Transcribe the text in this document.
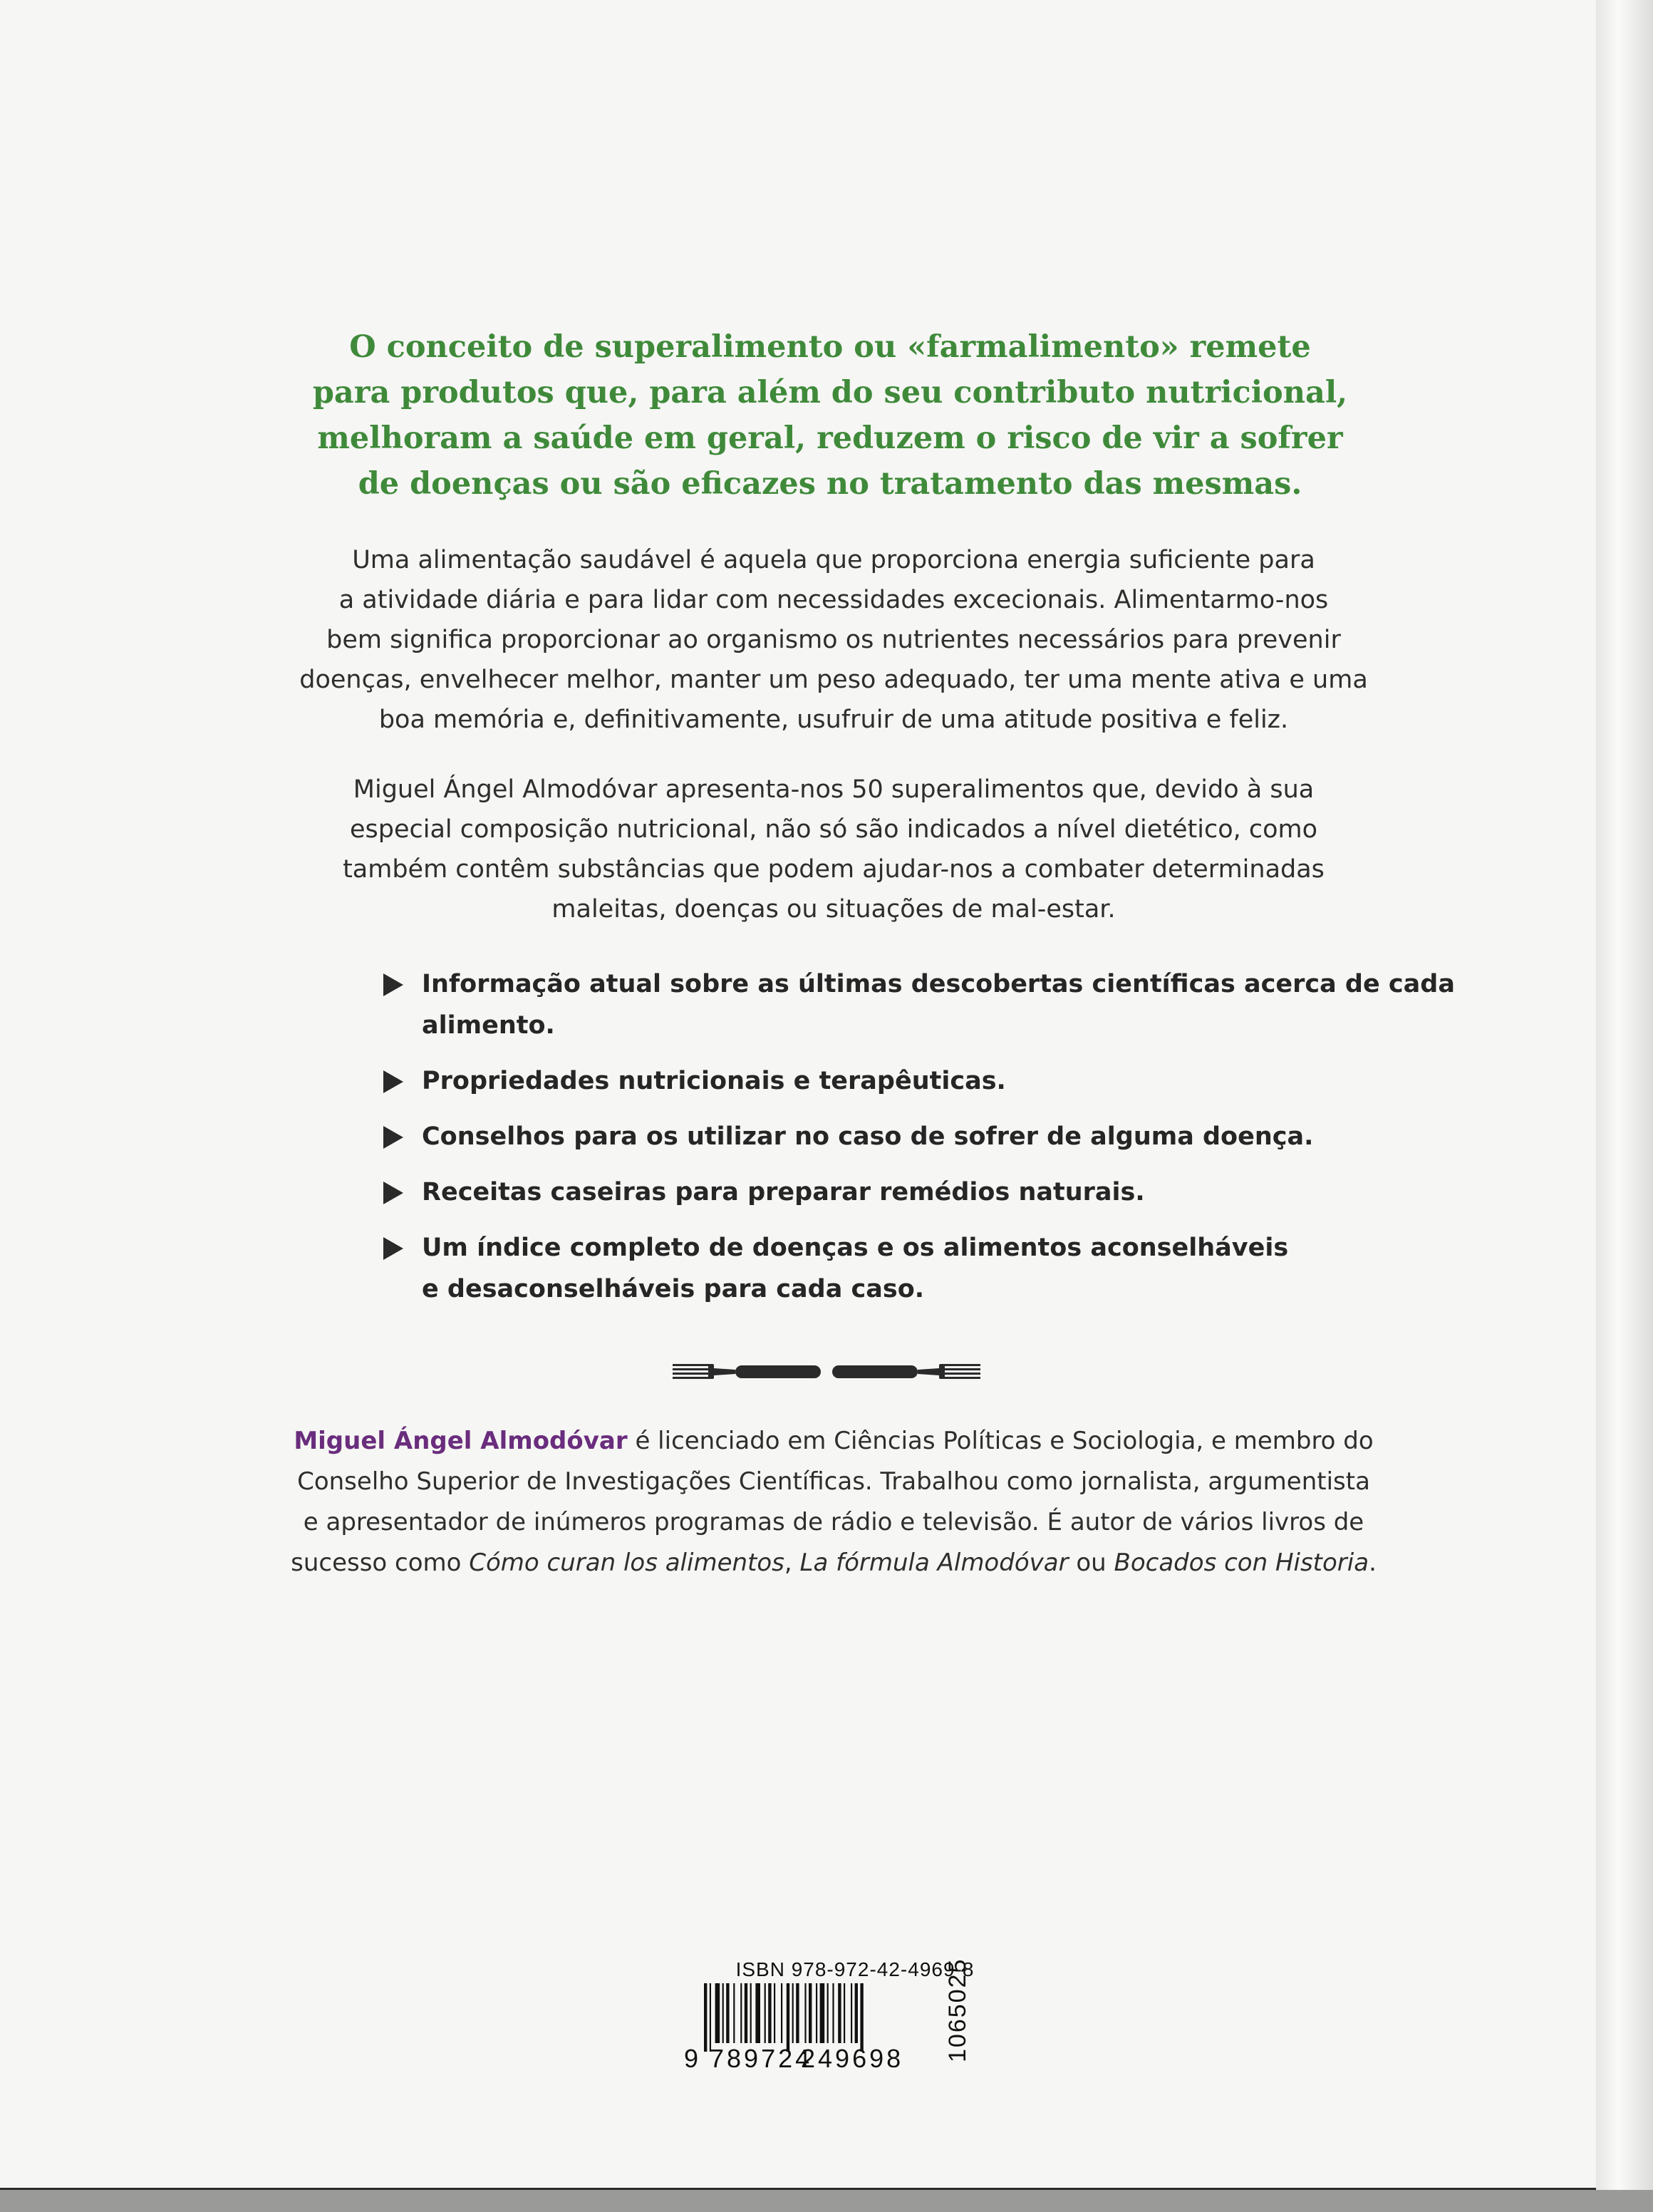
O conceito de superalimento ou «farmalimento» remete
para produtos que, para além do seu contributo nutricional,
melhoram a saúde em geral, reduzem o risco de vir a sofrer
de doenças ou são eficazes no tratamento das mesmas.

Uma alimentação saudável é aquela que proporciona energia suficiente para
a atividade diária e para lidar com necessidades excecionais. Alimentarmo-nos
bem significa proporcionar ao organismo os nutrientes necessários para prevenir
doenças, envelhecer melhor, manter um peso adequado, ter uma mente ativa e uma
boa memória e, definitivamente, usufruir de uma atitude positiva e feliz.

Miguel Ángel Almodóvar apresenta-nos 50 superalimentos que, devido à sua
especial composição nutricional, não só são indicados a nível dietético, como
também contêm substâncias que podem ajudar-nos a combater determinadas
maleitas, doenças ou situações de mal-estar.

Informação atual sobre as últimas descobertas científicas acerca de cada
alimento.
Propriedades nutricionais e terapêuticas.
Conselhos para os utilizar no caso de sofrer de alguma doença.
Receitas caseiras para preparar remédios naturais.
Um índice completo de doenças e os alimentos aconselháveis
e desaconselháveis para cada caso.

Miguel Ángel Almodóvar é licenciado em Ciências Políticas e Sociologia, e membro do
Conselho Superior de Investigações Científicas. Trabalhou como jornalista, argumentista
e apresentador de inúmeros programas de rádio e televisão. É autor de vários livros de
sucesso como Cómo curan los alimentos, La fórmula Almodóvar ou Bocados con Historia.

ISBN 978-972-42-4969-8
9 789724
249698 1065025
